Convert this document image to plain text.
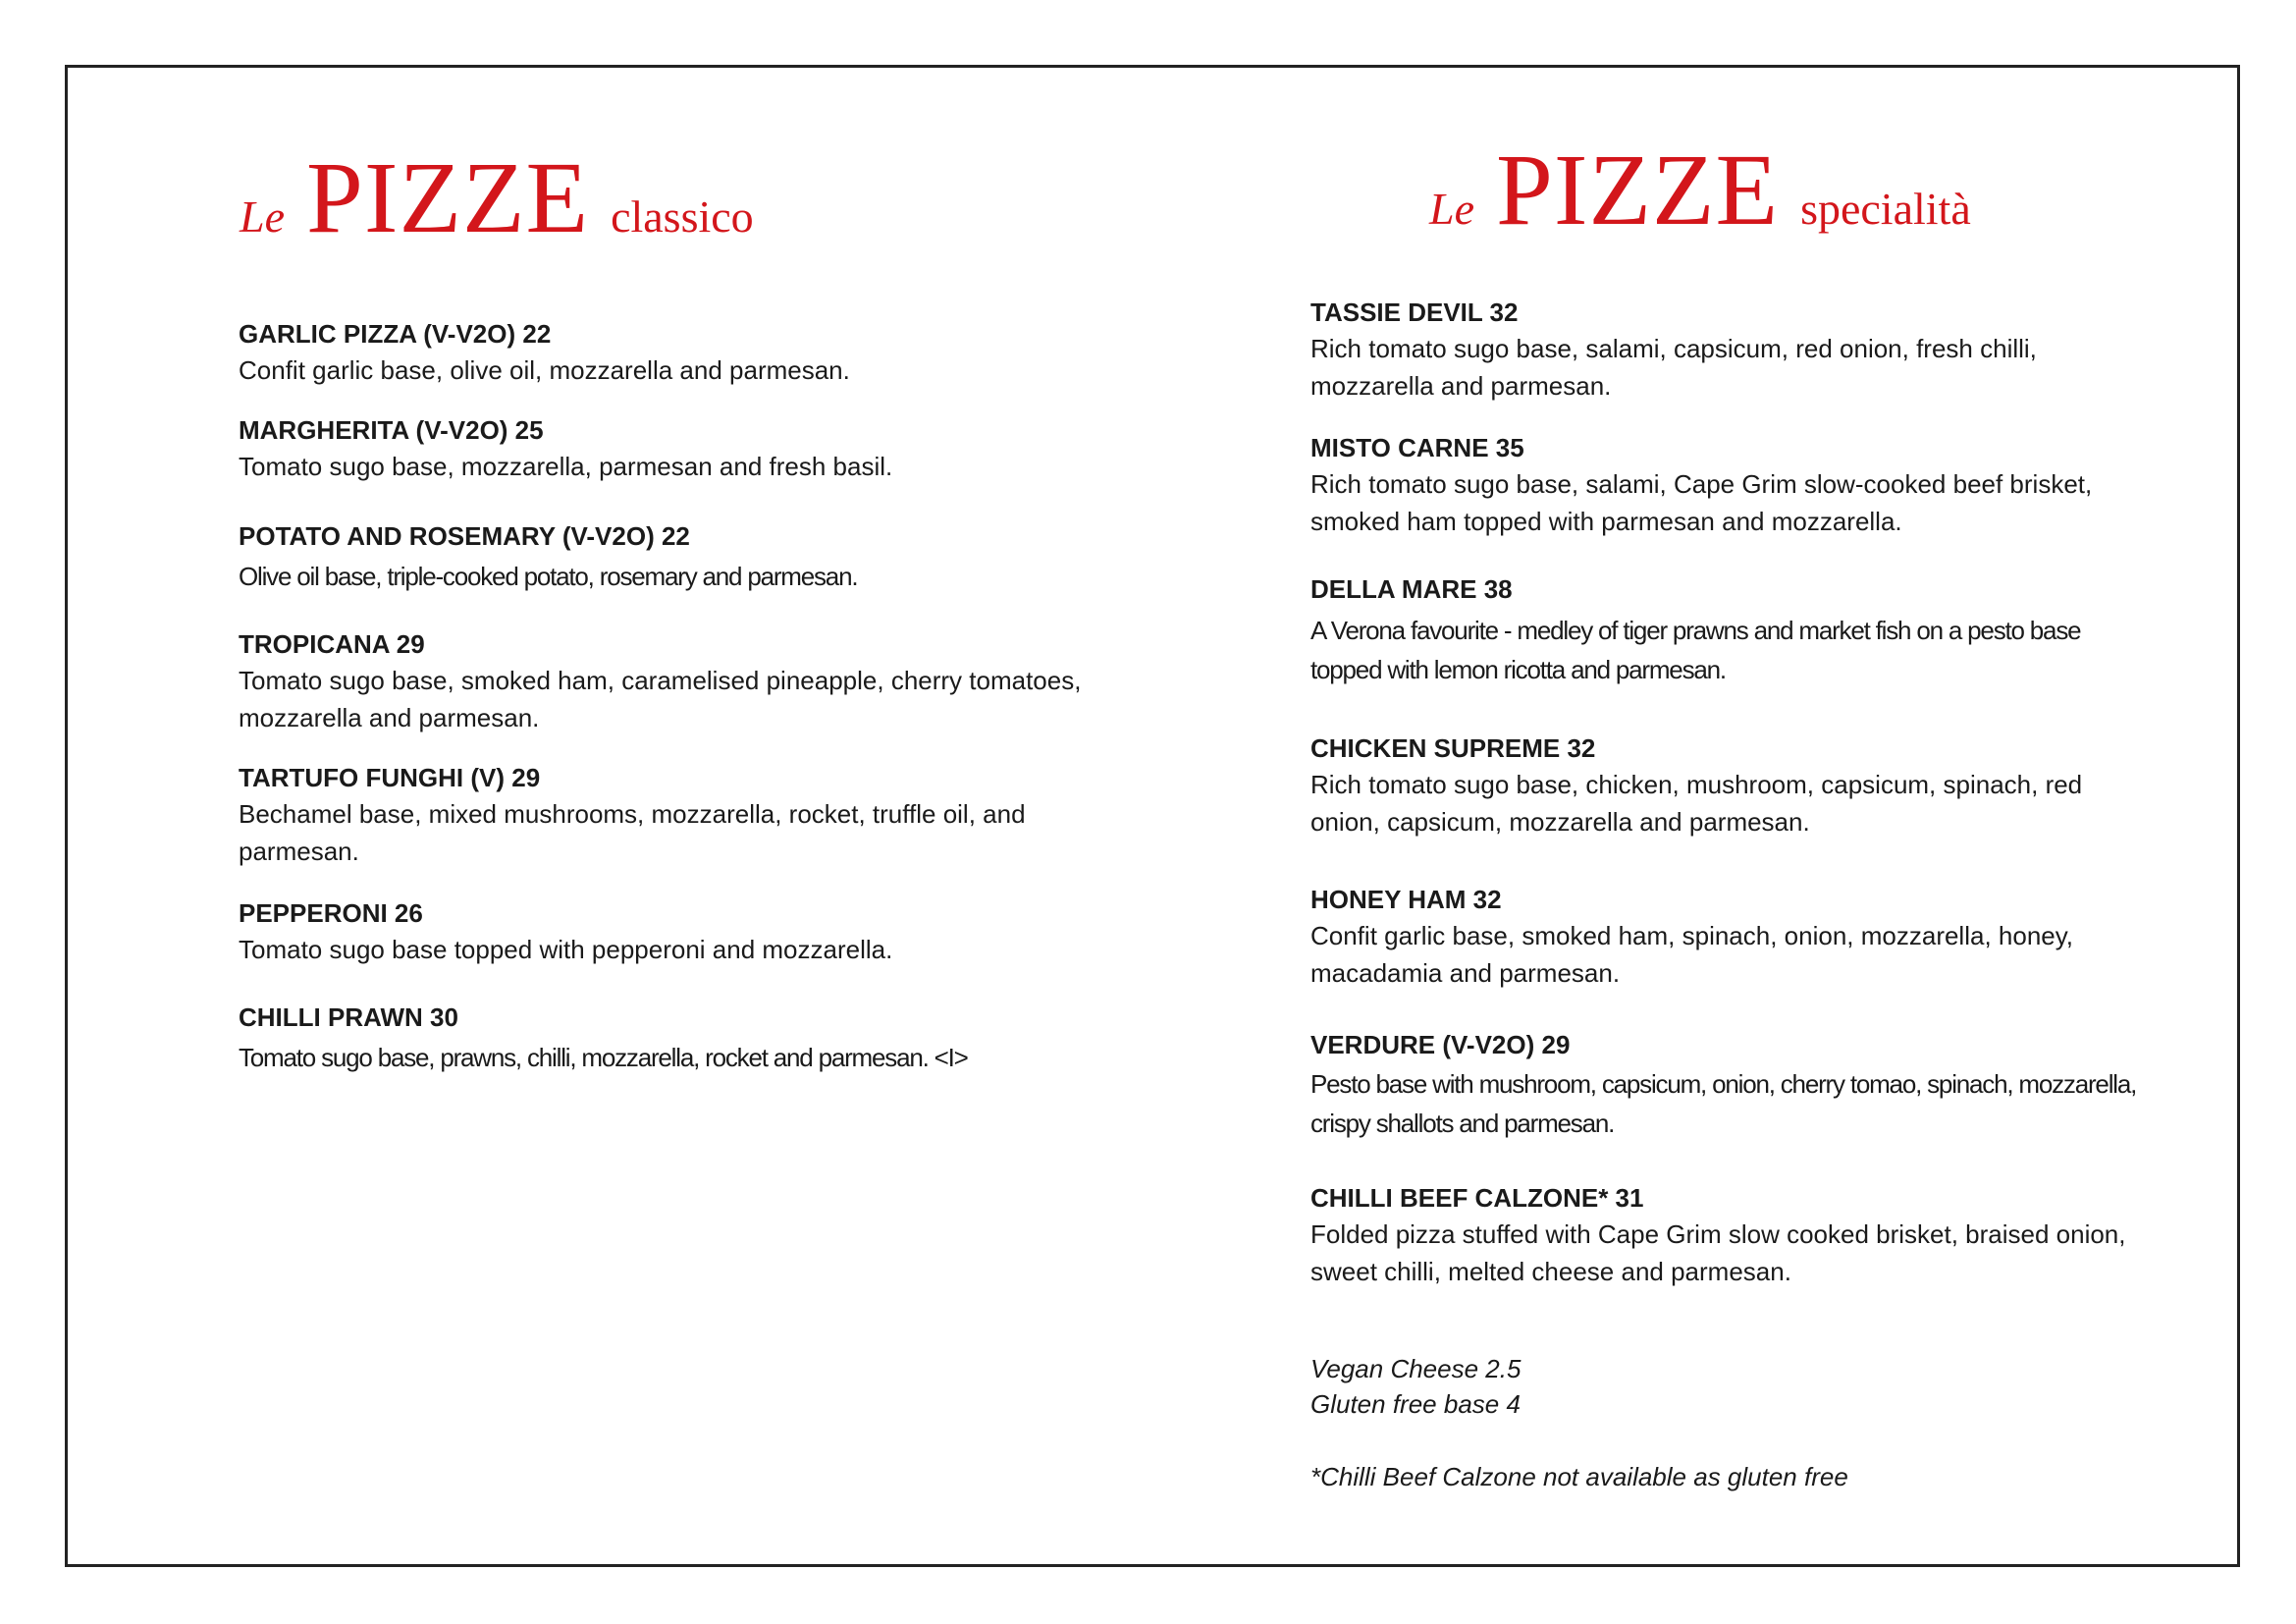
Le PIZZE classico	Le PIZZE specialità
GARLIC PIZZA (V-V2O) 22
Confit garlic base, olive oil, mozzarella and parmesan.
MARGHERITA (V-V2O) 25
Tomato sugo base, mozzarella, parmesan and fresh basil.
POTATO AND ROSEMARY (V-V2O) 22
Olive oil base, triple-cooked potato, rosemary and parmesan.
TROPICANA 29
Tomato sugo base, smoked ham, caramelised pineapple, cherry tomatoes, mozzarella and parmesan.
TARTUFO FUNGHI (V) 29
Bechamel base, mixed mushrooms, mozzarella, rocket, truffle oil, and parmesan.
PEPPERONI 26
Tomato sugo base topped with pepperoni and mozzarella.
CHILLI PRAWN 30
Tomato sugo base, prawns, chilli, mozzarella, rocket and parmesan. <I>
TASSIE DEVIL 32
Rich tomato sugo base, salami, capsicum, red onion, fresh chilli, mozzarella and parmesan.
MISTO CARNE 35
Rich tomato sugo base, salami, Cape Grim slow-cooked beef brisket, smoked ham topped with parmesan and mozzarella.
DELLA MARE 38
A Verona favourite - medley of tiger prawns and market fish on a pesto base topped with lemon ricotta and parmesan.
CHICKEN SUPREME 32
Rich tomato sugo base, chicken, mushroom, capsicum, spinach, red onion, capsicum, mozzarella and parmesan.
HONEY HAM 32
Confit garlic base, smoked ham, spinach, onion, mozzarella, honey, macadamia and parmesan.
VERDURE (V-V2O) 29
Pesto base with mushroom, capsicum, onion, cherry tomao, spinach, mozzarella, crispy shallots and parmesan.
CHILLI BEEF CALZONE* 31
Folded pizza stuffed with Cape Grim slow cooked brisket, braised onion, sweet chilli, melted cheese and parmesan.
Vegan Cheese 2.5
Gluten free base 4
*Chilli Beef Calzone not available as gluten free
